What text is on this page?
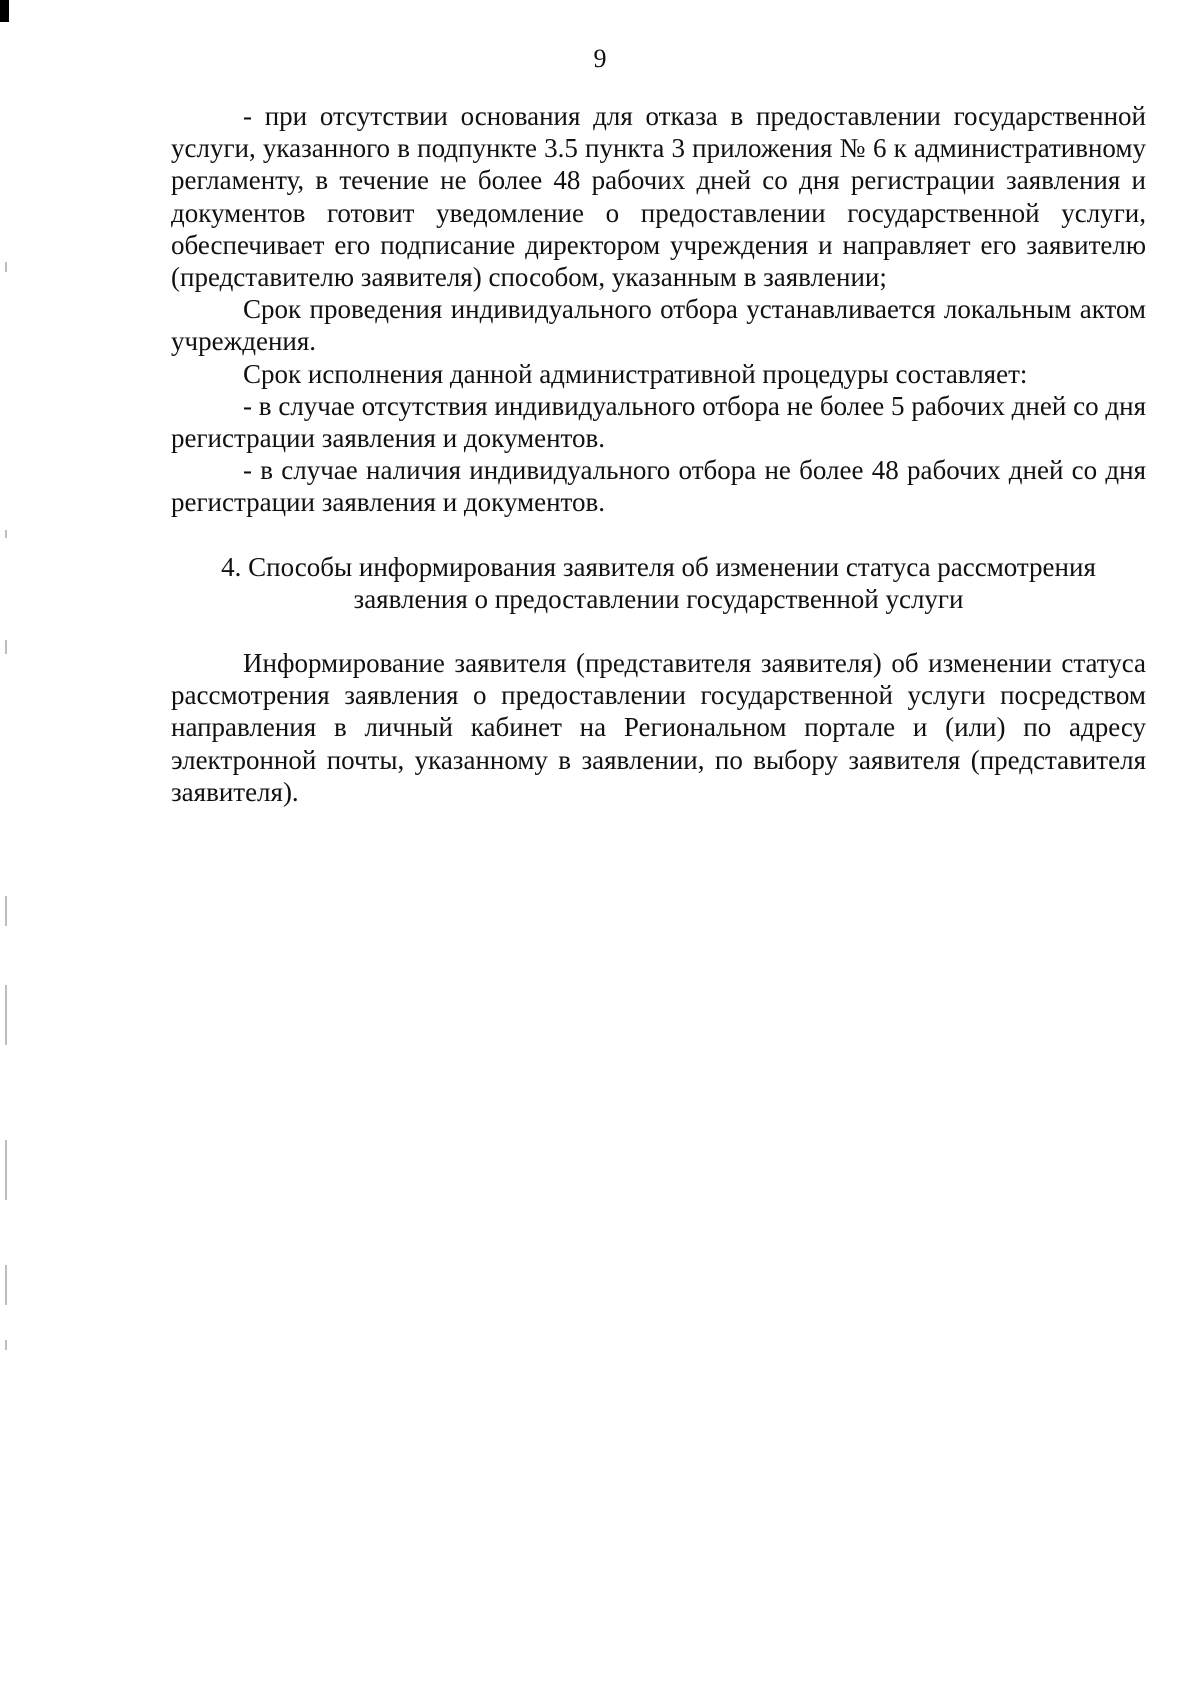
9

- при отсутствии основания для отказа в предоставлении государственной услуги, указанного в подпункте 3.5 пункта 3 приложения № 6 к административному регламенту, в течение не более 48 рабочих дней со дня регистрации заявления и документов готовит уведомление о предоставлении государственной услуги, обеспечивает его подписание директором учреждения и направляет его заявителю (представителю заявителя) способом, указанным в заявлении;

Срок проведения индивидуального отбора устанавливается локальным актом учреждения.

Срок исполнения данной административной процедуры составляет:

- в случае отсутствия индивидуального отбора не более 5 рабочих дней со дня регистрации заявления и документов.

- в случае наличия индивидуального отбора не более 48 рабочих дней со дня регистрации заявления и документов.

4. Способы информирования заявителя об изменении статуса рассмотрения
заявления о предоставлении государственной услуги

Информирование заявителя (представителя заявителя) об изменении статуса рассмотрения заявления о предоставлении государственной услуги посредством направления в личный кабинет на Региональном портале и (или) по адресу электронной почты, указанному в заявлении, по выбору заявителя (представителя заявителя).
